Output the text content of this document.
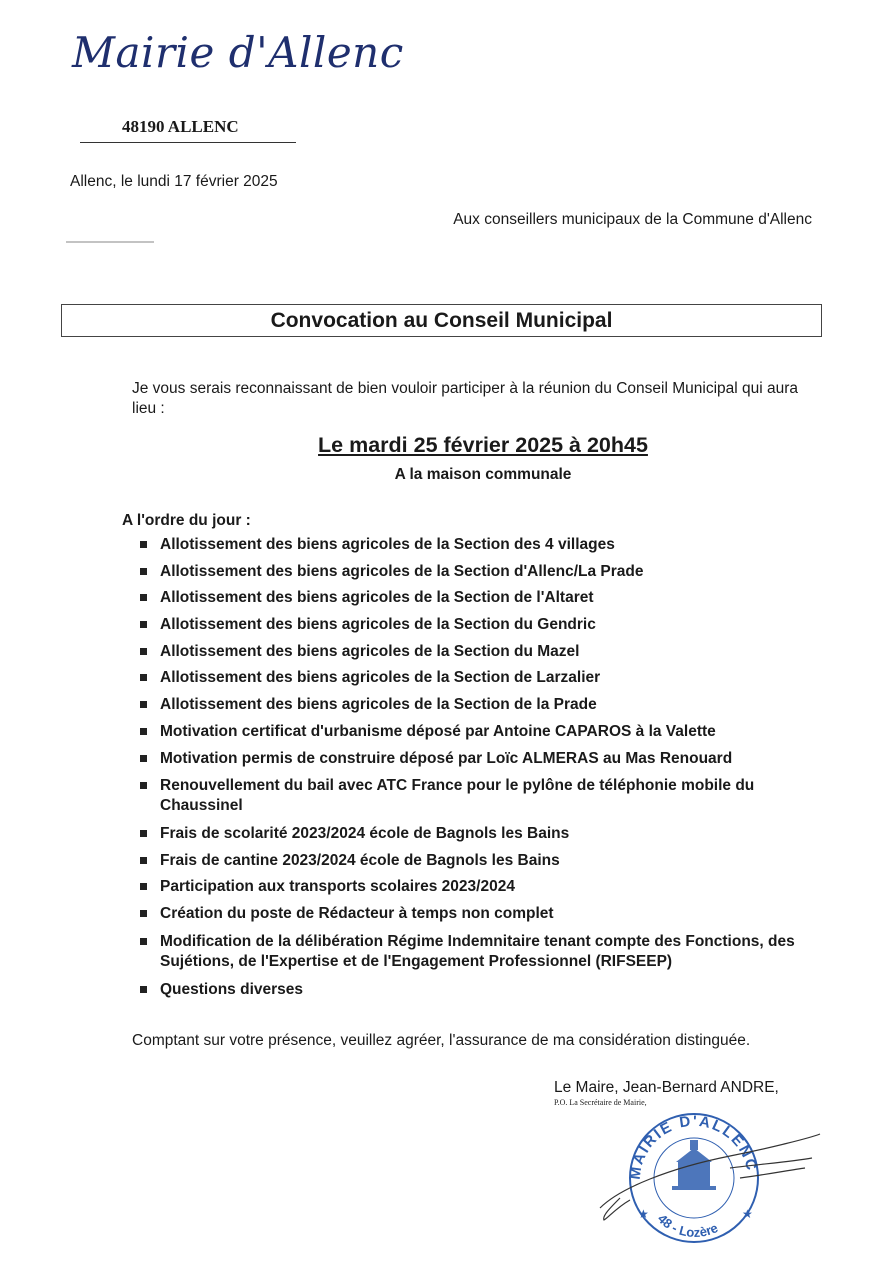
Mairie d'Allenc
48190 ALLENC
Allenc, le lundi 17 février 2025
Aux conseillers municipaux de la Commune d'Allenc
Convocation au Conseil Municipal
Je vous serais reconnaissant de bien vouloir participer à la réunion du Conseil Municipal qui aura lieu :
Le mardi 25 février 2025 à 20h45
A la maison communale
A l'ordre du jour :
Allotissement des biens agricoles de la Section des 4 villages
Allotissement des biens agricoles de la Section d'Allenc/La Prade
Allotissement des biens agricoles de la Section de l'Altaret
Allotissement des biens agricoles de la Section du Gendric
Allotissement des biens agricoles de la Section du Mazel
Allotissement des biens agricoles de la Section de Larzalier
Allotissement des biens agricoles de la Section de la Prade
Motivation certificat d'urbanisme déposé par Antoine CAPAROS à la Valette
Motivation permis de construire déposé par Loïc ALMERAS au Mas Renouard
Renouvellement du bail avec ATC France pour le pylône de téléphonie mobile du Chaussinel
Frais de scolarité 2023/2024 école de Bagnols les Bains
Frais de cantine 2023/2024 école de Bagnols les Bains
Participation aux transports scolaires 2023/2024
Création du poste de Rédacteur à temps non complet
Modification de la délibération Régime Indemnitaire tenant compte des Fonctions, des Sujétions, de l'Expertise et de l'Engagement Professionnel (RIFSEEP)
Questions diverses
Comptant sur votre présence, veuillez agréer, l'assurance de ma considération distinguée.
Le Maire, Jean-Bernard ANDRE,
P.O. La Secrétaire de Mairie,
MAIRIE D'ALLENC
48 - Lozère
★	★
